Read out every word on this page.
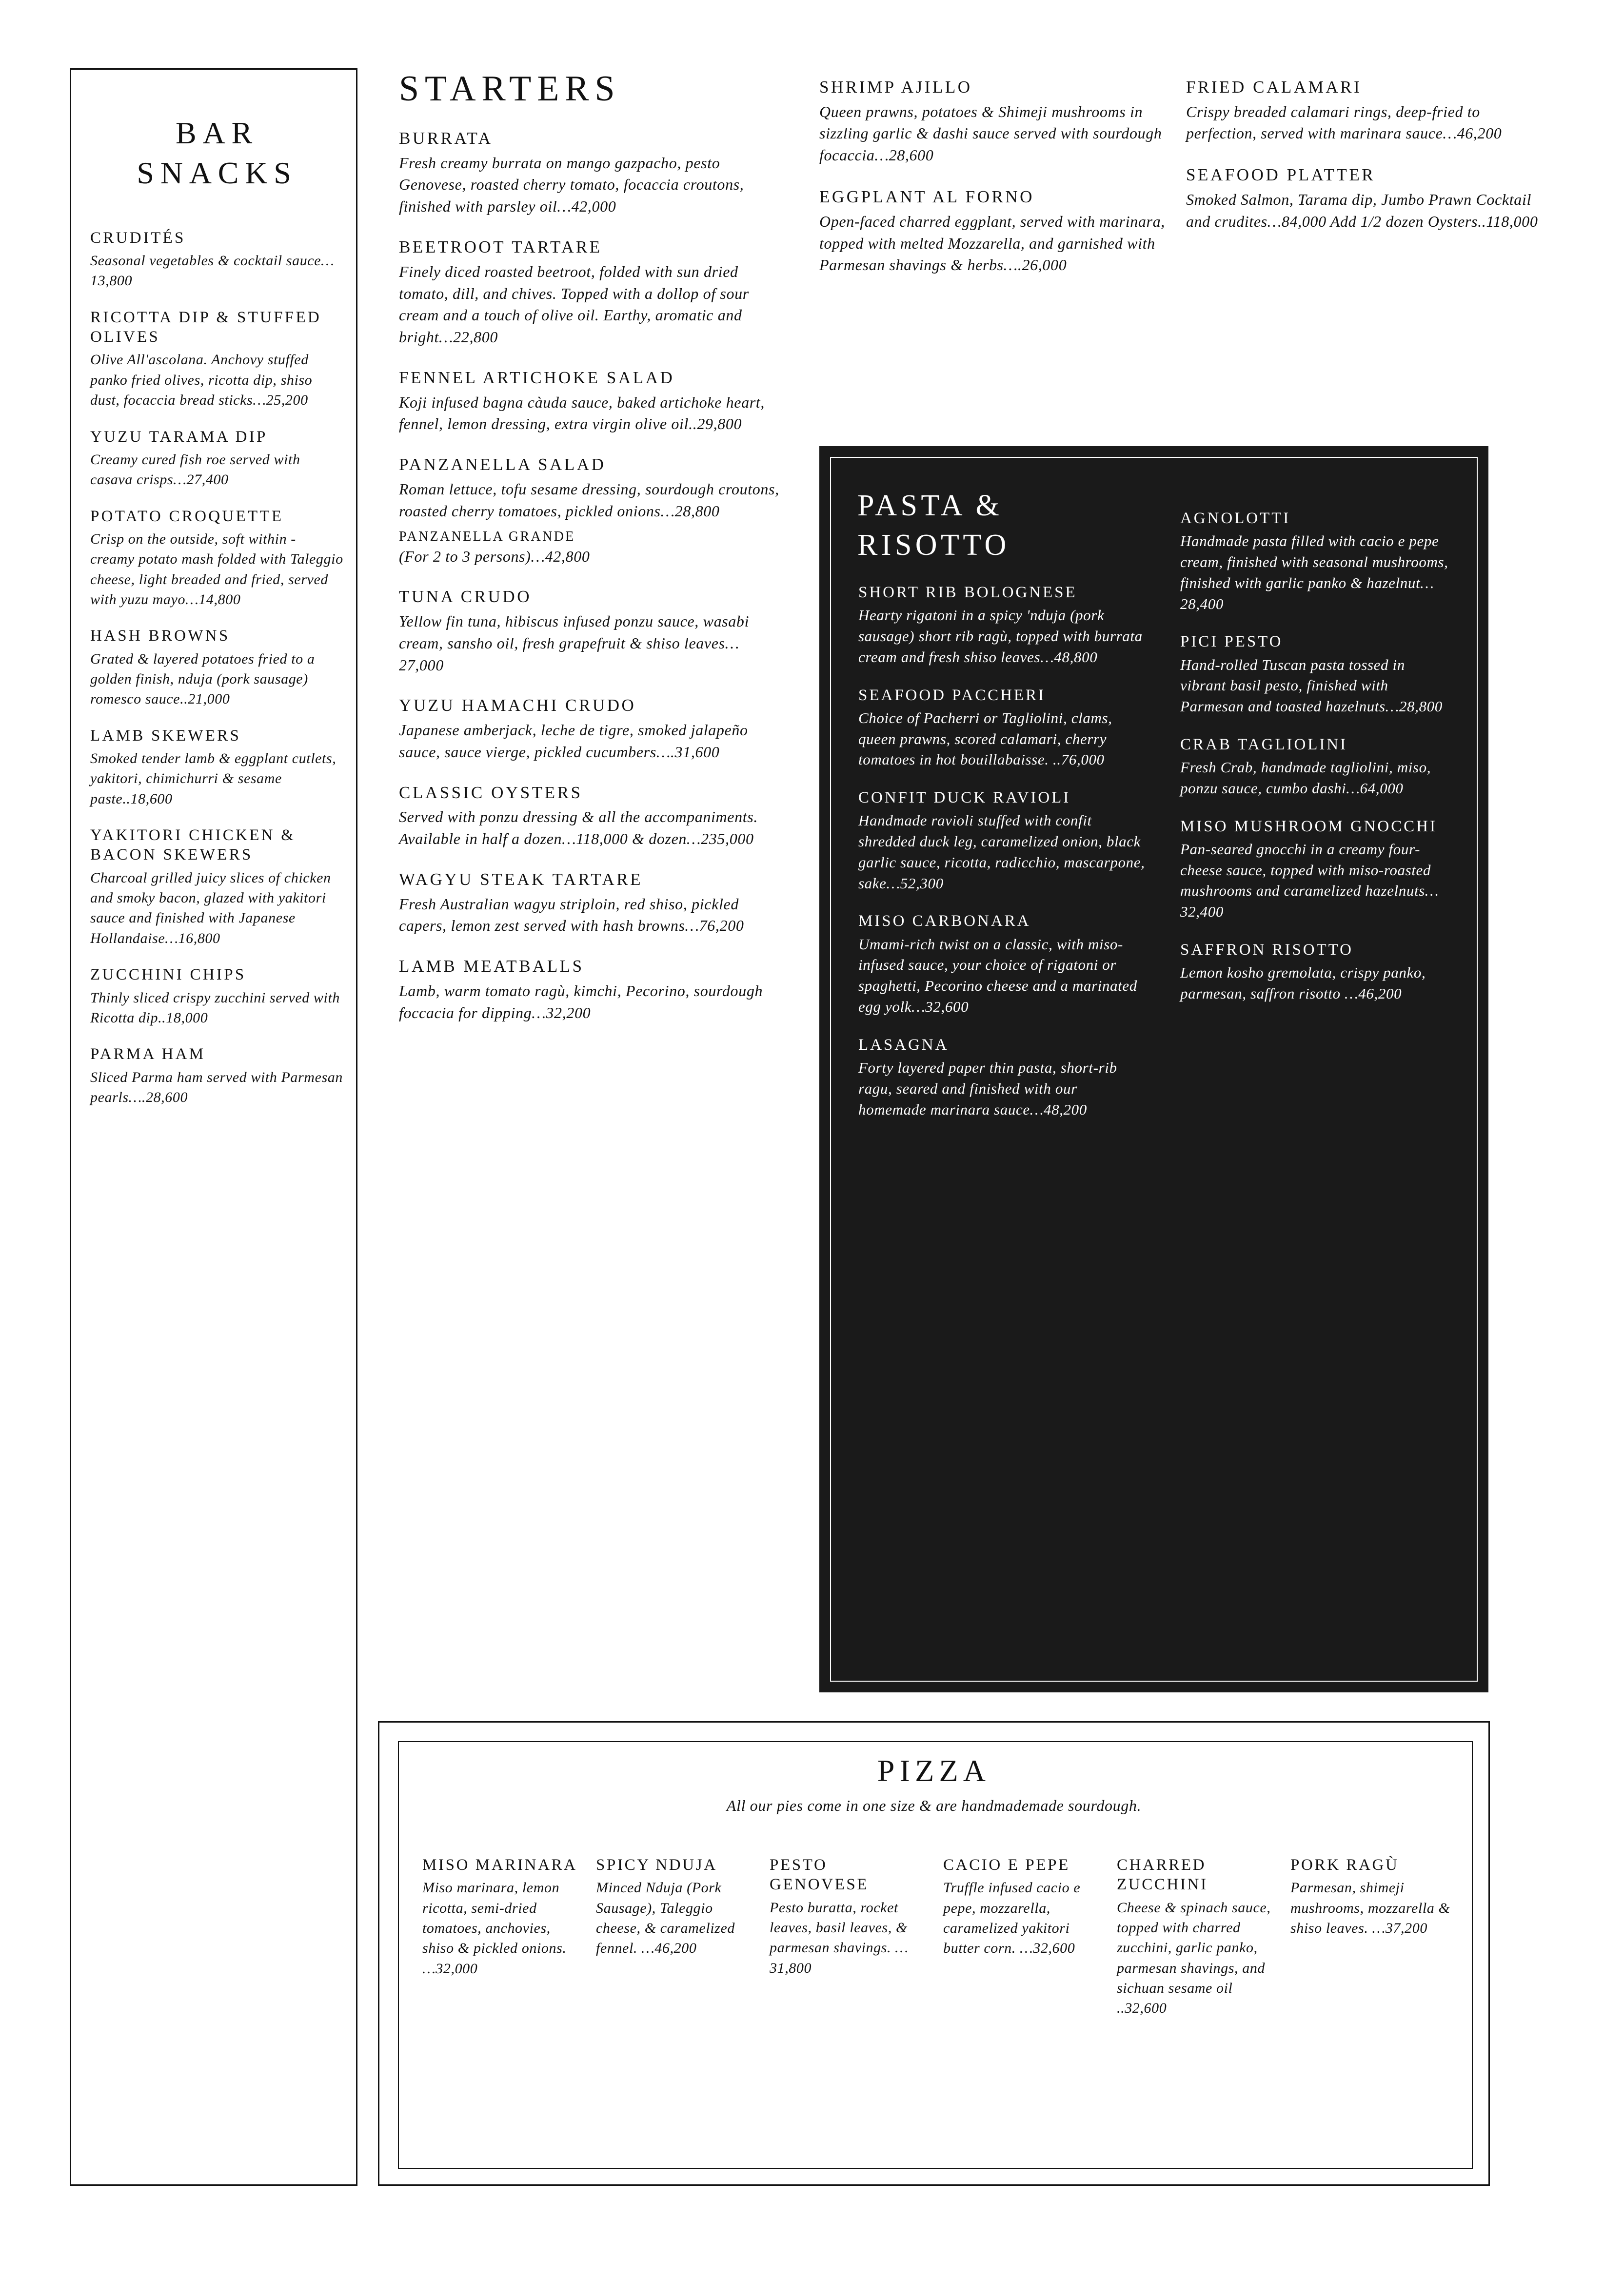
BAR SNACKS

CRUDITÉS

Seasonal vegetables & cocktail sauce…13,800

RICOTTA DIP & STUFFED OLIVES

Olive All'ascolana. Anchovy stuffed panko fried olives, ricotta dip, shiso dust, focaccia bread sticks…25,200

YUZU TARAMA DIP

Creamy cured fish roe served with casava crisps…27,400

POTATO CROQUETTE

Crisp on the outside, soft within - creamy potato mash folded with Taleggio cheese, light breaded and fried, served with yuzu mayo…14,800

HASH BROWNS

Grated & layered potatoes fried to a golden finish, nduja (pork sausage) romesco sauce..21,000

LAMB SKEWERS

Smoked tender lamb & eggplant cutlets, yakitori, chimichurri & sesame paste..18,600

YAKITORI CHICKEN & BACON SKEWERS

Charcoal grilled juicy slices of chicken and smoky bacon, glazed with yakitori sauce and finished with Japanese Hollandaise…16,800

ZUCCHINI CHIPS

Thinly sliced crispy zucchini served with Ricotta dip..18,000

PARMA HAM

Sliced Parma ham served with Parmesan pearls….28,600

STARTERS

BURRATA

Fresh creamy burrata on mango gazpacho, pesto Genovese, roasted cherry tomato, focaccia croutons, finished with parsley oil…42,000

BEETROOT TARTARE

Finely diced roasted beetroot, folded with sun dried tomato, dill, and chives. Topped with a dollop of sour cream and a touch of olive oil. Earthy, aromatic and bright…22,800

FENNEL ARTICHOKE SALAD

Koji infused bagna càuda sauce, baked artichoke heart, fennel, lemon dressing, extra virgin olive oil..29,800

PANZANELLA SALAD

Roman lettuce, tofu sesame dressing, sourdough croutons, roasted cherry tomatoes, pickled onions…28,800

PANZANELLA GRANDE

(For 2 to 3 persons)…42,800

TUNA CRUDO

Yellow fin tuna, hibiscus infused ponzu sauce, wasabi cream, sansho oil, fresh grapefruit & shiso leaves…27,000

YUZU HAMACHI CRUDO

Japanese amberjack, leche de tigre, smoked jalapeño sauce, sauce vierge, pickled cucumbers….31,600

CLASSIC OYSTERS

Served with ponzu dressing & all the accompaniments. Available in half a dozen…118,000 & dozen…235,000

WAGYU STEAK TARTARE

Fresh Australian wagyu striploin, red shiso, pickled capers, lemon zest served with hash browns…76,200

LAMB MEATBALLS

Lamb, warm tomato ragù, kimchi, Pecorino, sourdough foccacia for dipping…32,200

SHRIMP AJILLO

Queen prawns, potatoes & Shimeji mushrooms in sizzling garlic & dashi sauce served with sourdough focaccia…28,600

EGGPLANT AL FORNO

Open-faced charred eggplant, served with marinara, topped with melted Mozzarella, and garnished with Parmesan shavings & herbs….26,000

FRIED CALAMARI

Crispy breaded calamari rings, deep-fried to perfection, served with marinara sauce…46,200

SEAFOOD PLATTER

Smoked Salmon, Tarama dip, Jumbo Prawn Cocktail and crudites…84,000 Add 1/2 dozen Oysters..118,000

PASTA & RISOTTO

SHORT RIB BOLOGNESE

Hearty rigatoni in a spicy 'nduja (pork sausage) short rib ragù, topped with burrata cream and fresh shiso leaves…48,800

SEAFOOD PACCHERI

Choice of Pacherri or Tagliolini, clams, queen prawns, scored calamari, cherry tomatoes in hot bouillabaisse. ..76,000

CONFIT DUCK RAVIOLI

Handmade ravioli stuffed with confit shredded duck leg, caramelized onion, black garlic sauce, ricotta, radicchio, mascarpone, sake…52,300

MISO CARBONARA

Umami-rich twist on a classic, with miso-infused sauce, your choice of rigatoni or spaghetti, Pecorino cheese and a marinated egg yolk…32,600

LASAGNA

Forty layered paper thin pasta, short-rib ragu, seared and finished with our homemade marinara sauce…48,200

AGNOLOTTI

Handmade pasta filled with cacio e pepe cream, finished with seasonal mushrooms, finished with garlic panko & hazelnut…28,400

PICI PESTO

Hand-rolled Tuscan pasta tossed in vibrant basil pesto, finished with Parmesan and toasted hazelnuts…28,800

CRAB TAGLIOLINI

Fresh Crab, handmade tagliolini, miso, ponzu sauce, cumbo dashi…64,000

MISO MUSHROOM GNOCCHI

Pan-seared gnocchi in a creamy four-cheese sauce, topped with miso-roasted mushrooms and caramelized hazelnuts…32,400

SAFFRON RISOTTO

Lemon kosho gremolata, crispy panko, parmesan, saffron risotto …46,200

PIZZA

All our pies come in one size & are handmademade sourdough.

MISO MARINARA

Miso marinara, lemon ricotta, semi-dried tomatoes, anchovies, shiso & pickled onions. …32,000

SPICY NDUJA

Minced Nduja (Pork Sausage), Taleggio cheese, & caramelized fennel. …46,200

PESTO GENOVESE

Pesto buratta, rocket leaves, basil leaves, & parmesan shavings. …31,800

CACIO E PEPE

Truffle infused cacio e pepe, mozzarella, caramelized yakitori butter corn. …32,600

CHARRED ZUCCHINI

Cheese & spinach sauce, topped with charred zucchini, garlic panko, parmesan shavings, and sichuan sesame oil ..32,600

PORK RAGÙ

Parmesan, shimeji mushrooms, mozzarella & shiso leaves. …37,200
